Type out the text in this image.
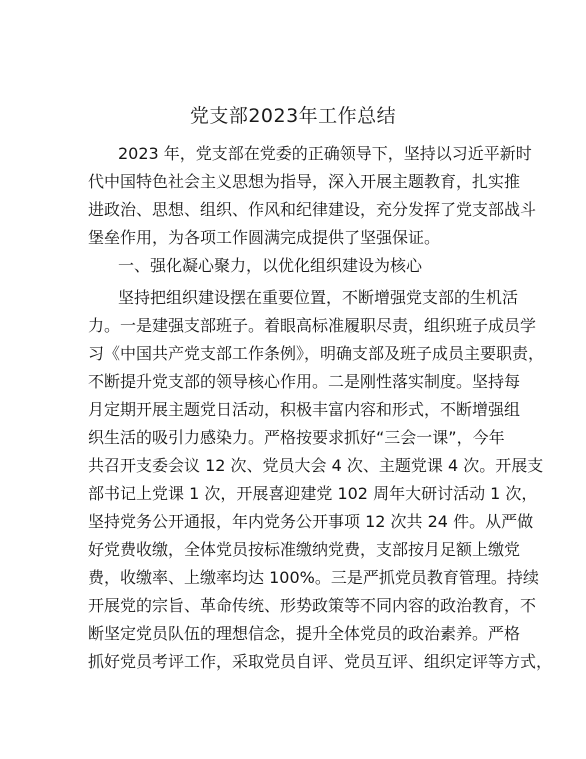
党支部2023年工作总结
2023 年，党支部在党委的正确领导下，坚持以习近平新时
代中国特色社会主义思想为指导，深入开展主题教育，扎实推
进政治、思想、组织、作风和纪律建设，充分发挥了党支部战斗
堡垒作用，为各项工作圆满完成提供了坚强保证。
一、强化凝心聚力，以优化组织建设为核心
坚持把组织建设摆在重要位置，不断增强党支部的生机活
力。一是建强支部班子。着眼高标准履职尽责，组织班子成员学
习《中国共产党支部工作条例》，明确支部及班子成员主要职责，
不断提升党支部的领导核心作用。二是刚性落实制度。坚持每
月定期开展主题党日活动，积极丰富内容和形式，不断增强组
织生活的吸引力感染力。严格按要求抓好“三会一课”，今年
共召开支委会议 12 次、党员大会 4 次、主题党课 4 次。开展支
部书记上党课 1 次，开展喜迎建党 102 周年大研讨活动 1 次，
坚持党务公开通报，年内党务公开事项 12 次共 24 件。从严做
好党费收缴，全体党员按标准缴纳党费，支部按月足额上缴党
费，收缴率、上缴率均达 100%。三是严抓党员教育管理。持续
开展党的宗旨、革命传统、形势政策等不同内容的政治教育，不
断坚定党员队伍的理想信念，提升全体党员的政治素养。严格
抓好党员考评工作，采取党员自评、党员互评、组织定评等方式，
